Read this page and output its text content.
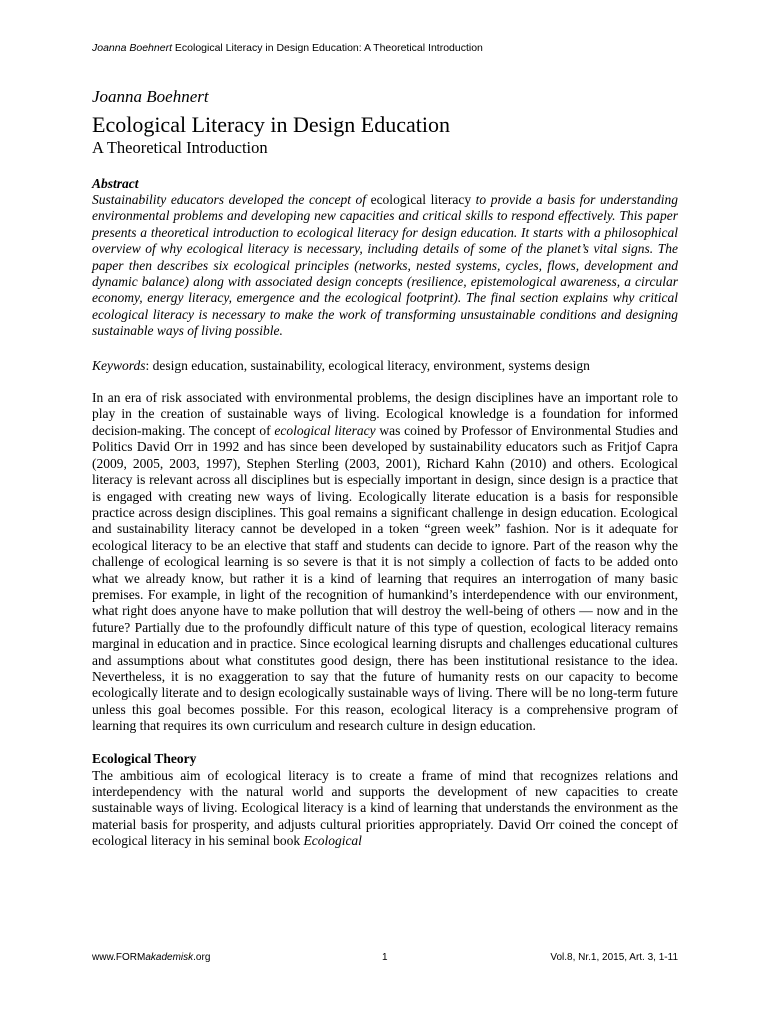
Joanna Boehnert Ecological Literacy in Design Education: A Theoretical Introduction
Joanna Boehnert
Ecological Literacy in Design Education
A Theoretical Introduction
Abstract

Sustainability educators developed the concept of ecological literacy to provide a basis for understanding environmental problems and developing new capacities and critical skills to respond effectively. This paper presents a theoretical introduction to ecological literacy for design education. It starts with a philosophical overview of why ecological literacy is necessary, including details of some of the planet’s vital signs. The paper then describes six ecological principles (networks, nested systems, cycles, flows, development and dynamic balance) along with associated design concepts (resilience, epistemological awareness, a circular economy, energy literacy, emergence and the ecological footprint). The final section explains why critical ecological literacy is necessary to make the work of transforming unsustainable conditions and designing sustainable ways of living possible.

Keywords: design education, sustainability, ecological literacy, environment, systems design

In an era of risk associated with environmental problems, the design disciplines have an important role to play in the creation of sustainable ways of living. Ecological knowledge is a foundation for informed decision-making. The concept of ecological literacy was coined by Professor of Environmental Studies and Politics David Orr in 1992 and has since been developed by sustainability educators such as Fritjof Capra (2009, 2005, 2003, 1997), Stephen Sterling (2003, 2001), Richard Kahn (2010) and others. Ecological literacy is relevant across all disciplines but is especially important in design, since design is a practice that is engaged with creating new ways of living. Ecologically literate education is a basis for responsible practice across design disciplines. This goal remains a significant challenge in design education. Ecological and sustainability literacy cannot be developed in a token “green week” fashion. Nor is it adequate for ecological literacy to be an elective that staff and students can decide to ignore. Part of the reason why the challenge of ecological learning is so severe is that it is not simply a collection of facts to be added onto what we already know, but rather it is a kind of learning that requires an interrogation of many basic premises. For example, in light of the recognition of humankind’s interdependence with our environment, what right does anyone have to make pollution that will destroy the well-being of others — now and in the future? Partially due to the profoundly difficult nature of this type of question, ecological literacy remains marginal in education and in practice. Since ecological learning disrupts and challenges educational cultures and assumptions about what constitutes good design, there has been institutional resistance to the idea. Nevertheless, it is no exaggeration to say that the future of humanity rests on our capacity to become ecologically literate and to design ecologically sustainable ways of living. There will be no long-term future unless this goal becomes possible. For this reason, ecological literacy is a comprehensive program of learning that requires its own curriculum and research culture in design education.

Ecological Theory

The ambitious aim of ecological literacy is to create a frame of mind that recognizes relations and interdependency with the natural world and supports the development of new capacities to create sustainable ways of living. Ecological literacy is a kind of learning that understands the environment as the material basis for prosperity, and adjusts cultural priorities appropriately. David Orr coined the concept of ecological literacy in his seminal book Ecological

www.FORMakademisk.org	1	Vol.8, Nr.1, 2015, Art. 3, 1-11
